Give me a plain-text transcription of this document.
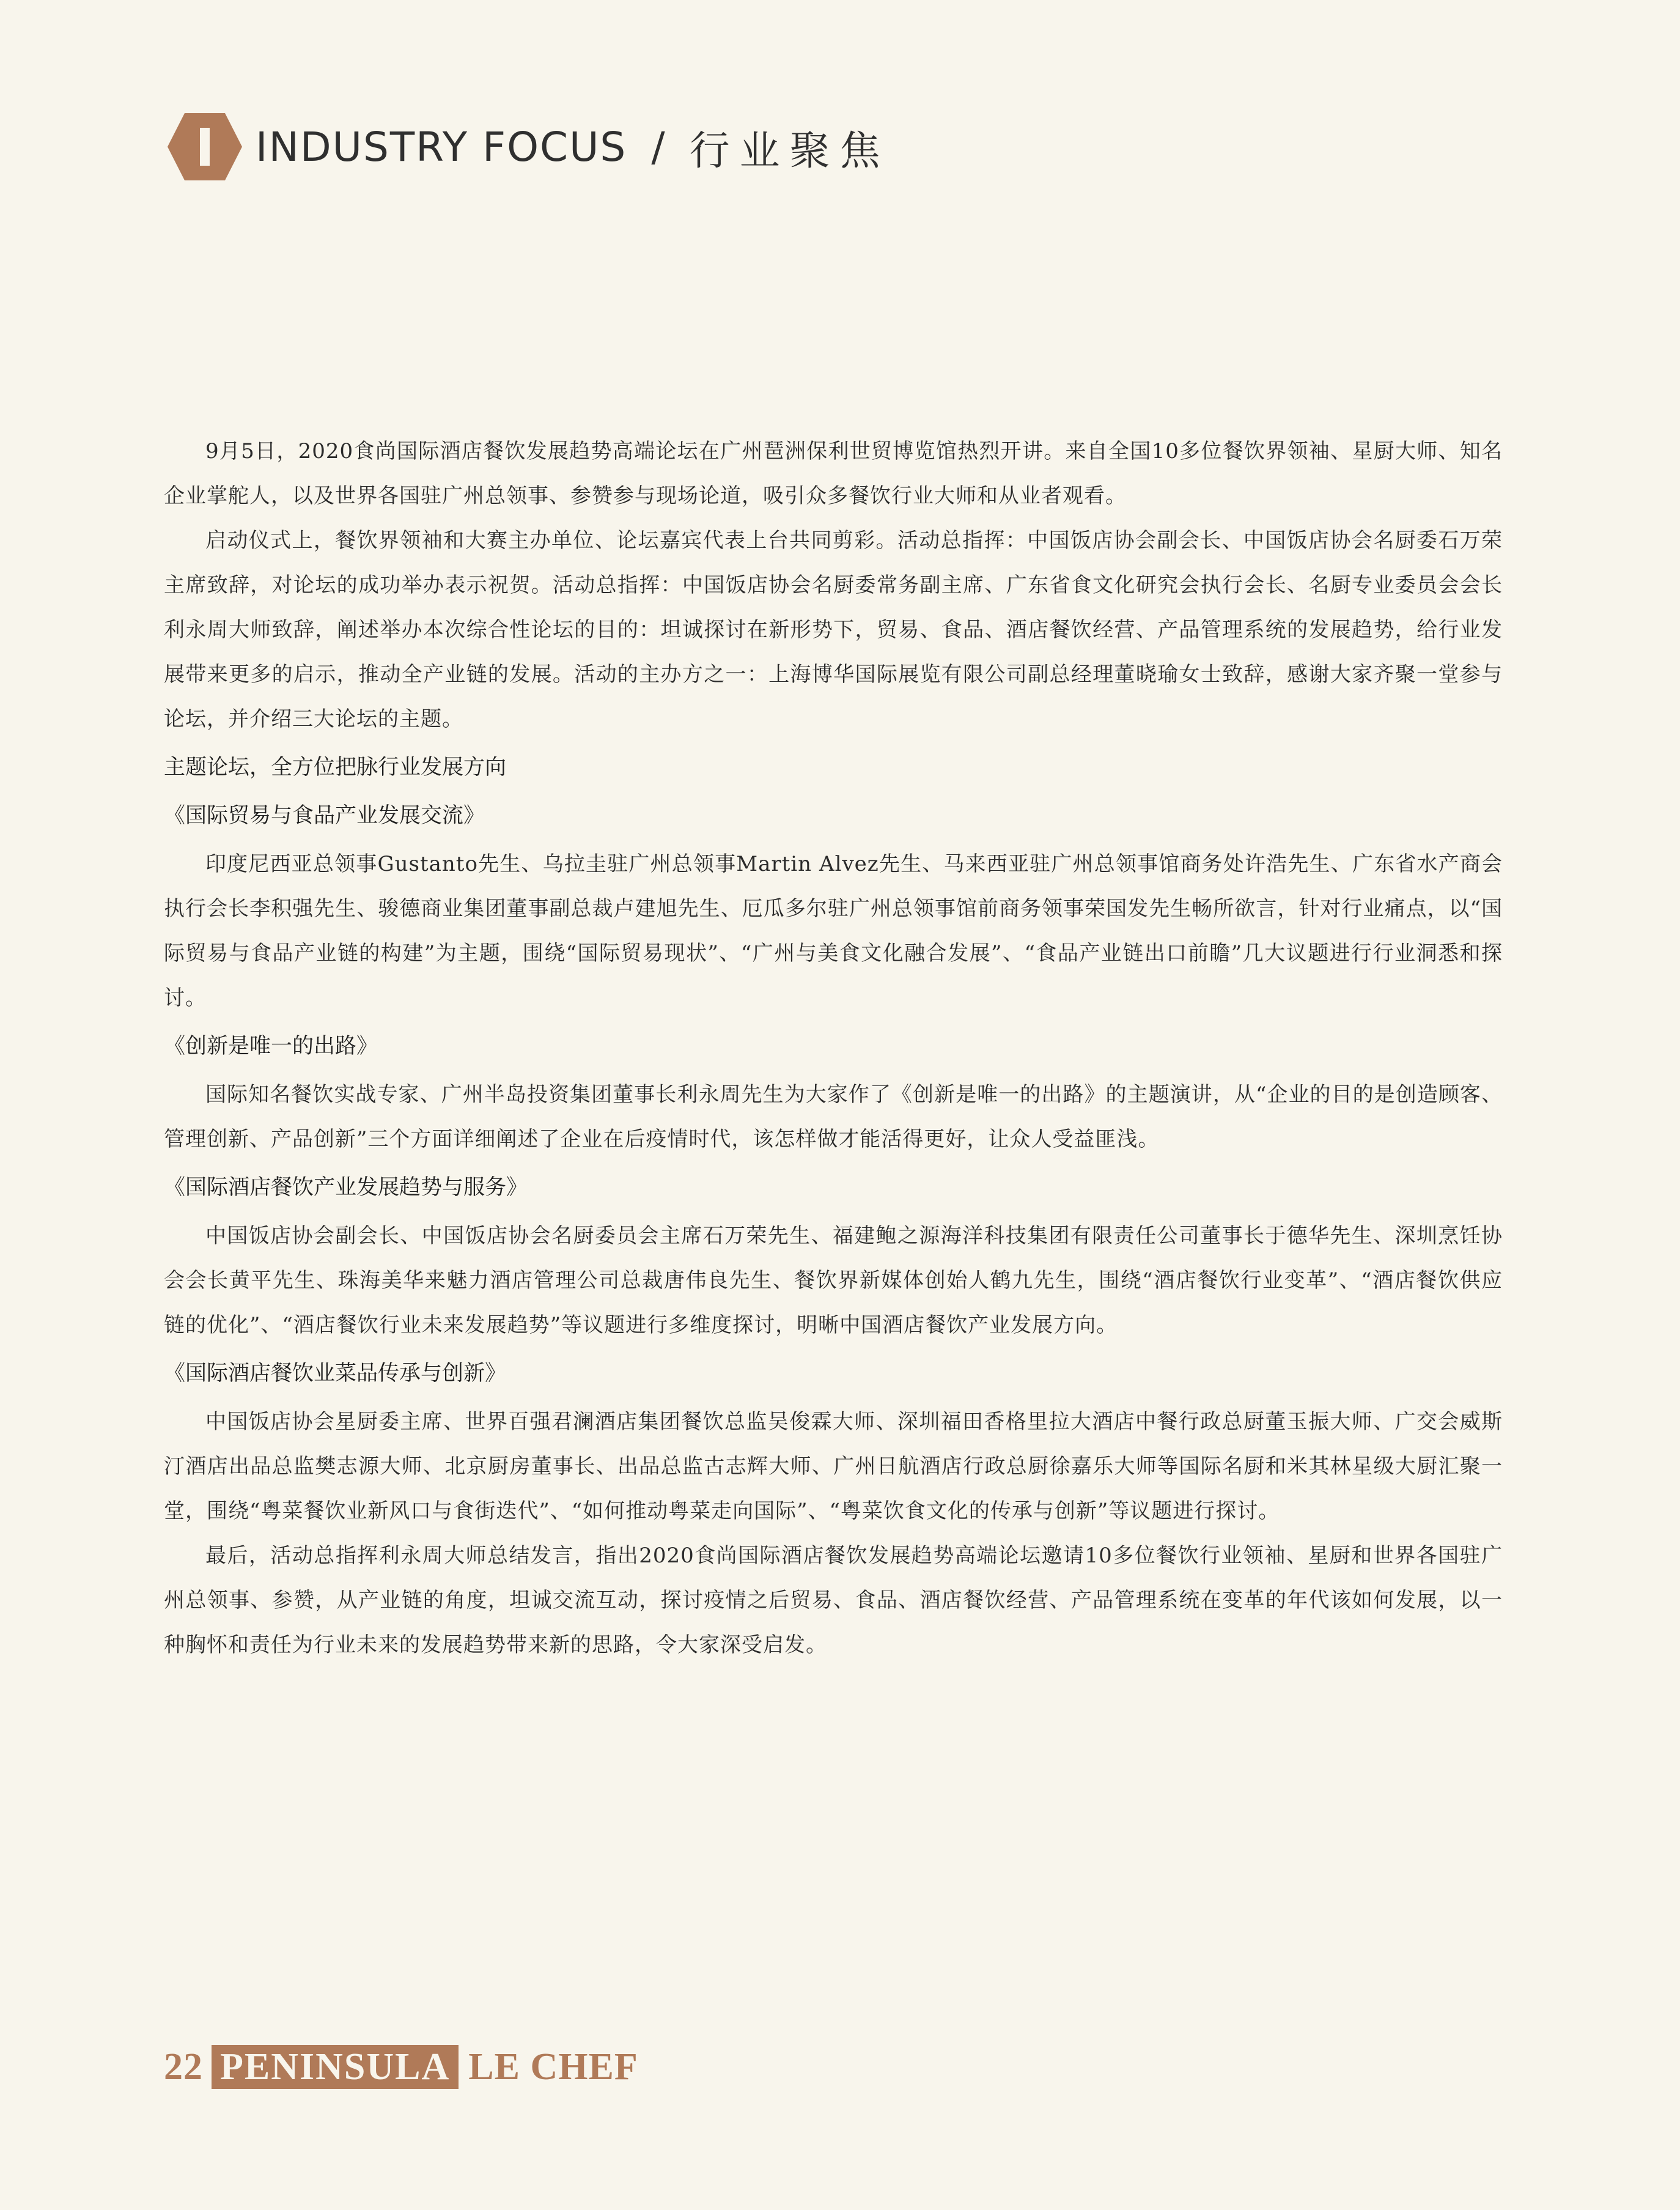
INDUSTRY FOCUS / 行业聚焦

9月5日，2020食尚国际酒店餐饮发展趋势高端论坛在广州琶洲保利世贸博览馆热烈开讲。来自全国10多位餐饮界领袖、星厨大师、知名企业掌舵人，以及世界各国驻广州总领事、参赞参与现场论道，吸引众多餐饮行业大师和从业者观看。

启动仪式上，餐饮界领袖和大赛主办单位、论坛嘉宾代表上台共同剪彩。活动总指挥：中国饭店协会副会长、中国饭店协会名厨委石万荣主席致辞，对论坛的成功举办表示祝贺。活动总指挥：中国饭店协会名厨委常务副主席、广东省食文化研究会执行会长、名厨专业委员会会长利永周大师致辞，阐述举办本次综合性论坛的目的：坦诚探讨在新形势下，贸易、食品、酒店餐饮经营、产品管理系统的发展趋势，给行业发展带来更多的启示，推动全产业链的发展。活动的主办方之一：上海博华国际展览有限公司副总经理董晓瑜女士致辞，感谢大家齐聚一堂参与论坛，并介绍三大论坛的主题。

主题论坛，全方位把脉行业发展方向
《国际贸易与食品产业发展交流》

印度尼西亚总领事Gustanto先生、乌拉圭驻广州总领事Martin Alvez先生、马来西亚驻广州总领事馆商务处许浩先生、广东省水产商会执行会长李积强先生、骏德商业集团董事副总裁卢建旭先生、厄瓜多尔驻广州总领事馆前商务领事荣国发先生畅所欲言，针对行业痛点，以“国际贸易与食品产业链的构建”为主题，围绕“国际贸易现状”、“广州与美食文化融合发展”、“食品产业链出口前瞻”几大议题进行行业洞悉和探讨。

《创新是唯一的出路》

国际知名餐饮实战专家、广州半岛投资集团董事长利永周先生为大家作了《创新是唯一的出路》的主题演讲，从“企业的目的是创造顾客、管理创新、产品创新”三个方面详细阐述了企业在后疫情时代，该怎样做才能活得更好，让众人受益匪浅。

《国际酒店餐饮产业发展趋势与服务》

中国饭店协会副会长、中国饭店协会名厨委员会主席石万荣先生、福建鲍之源海洋科技集团有限责任公司董事长于德华先生、深圳烹饪协会会长黄平先生、珠海美华来魅力酒店管理公司总裁唐伟良先生、餐饮界新媒体创始人鹤九先生，围绕“酒店餐饮行业变革”、“酒店餐饮供应链的优化”、“酒店餐饮行业未来发展趋势”等议题进行多维度探讨，明晰中国酒店餐饮产业发展方向。

《国际酒店餐饮业菜品传承与创新》

中国饭店协会星厨委主席、世界百强君澜酒店集团餐饮总监吴俊霖大师、深圳福田香格里拉大酒店中餐行政总厨董玉振大师、广交会威斯汀酒店出品总监樊志源大师、北京厨房董事长、出品总监古志辉大师、广州日航酒店行政总厨徐嘉乐大师等国际名厨和米其林星级大厨汇聚一堂，围绕“粤菜餐饮业新风口与食街迭代”、“如何推动粤菜走向国际”、“粤菜饮食文化的传承与创新”等议题进行探讨。

最后，活动总指挥利永周大师总结发言，指出2020食尚国际酒店餐饮发展趋势高端论坛邀请10多位餐饮行业领袖、星厨和世界各国驻广州总领事、参赞，从产业链的角度，坦诚交流互动，探讨疫情之后贸易、食品、酒店餐饮经营、产品管理系统在变革的年代该如何发展，以一种胸怀和责任为行业未来的发展趋势带来新的思路，令大家深受启发。

22 PENINSULA LE CHEF
